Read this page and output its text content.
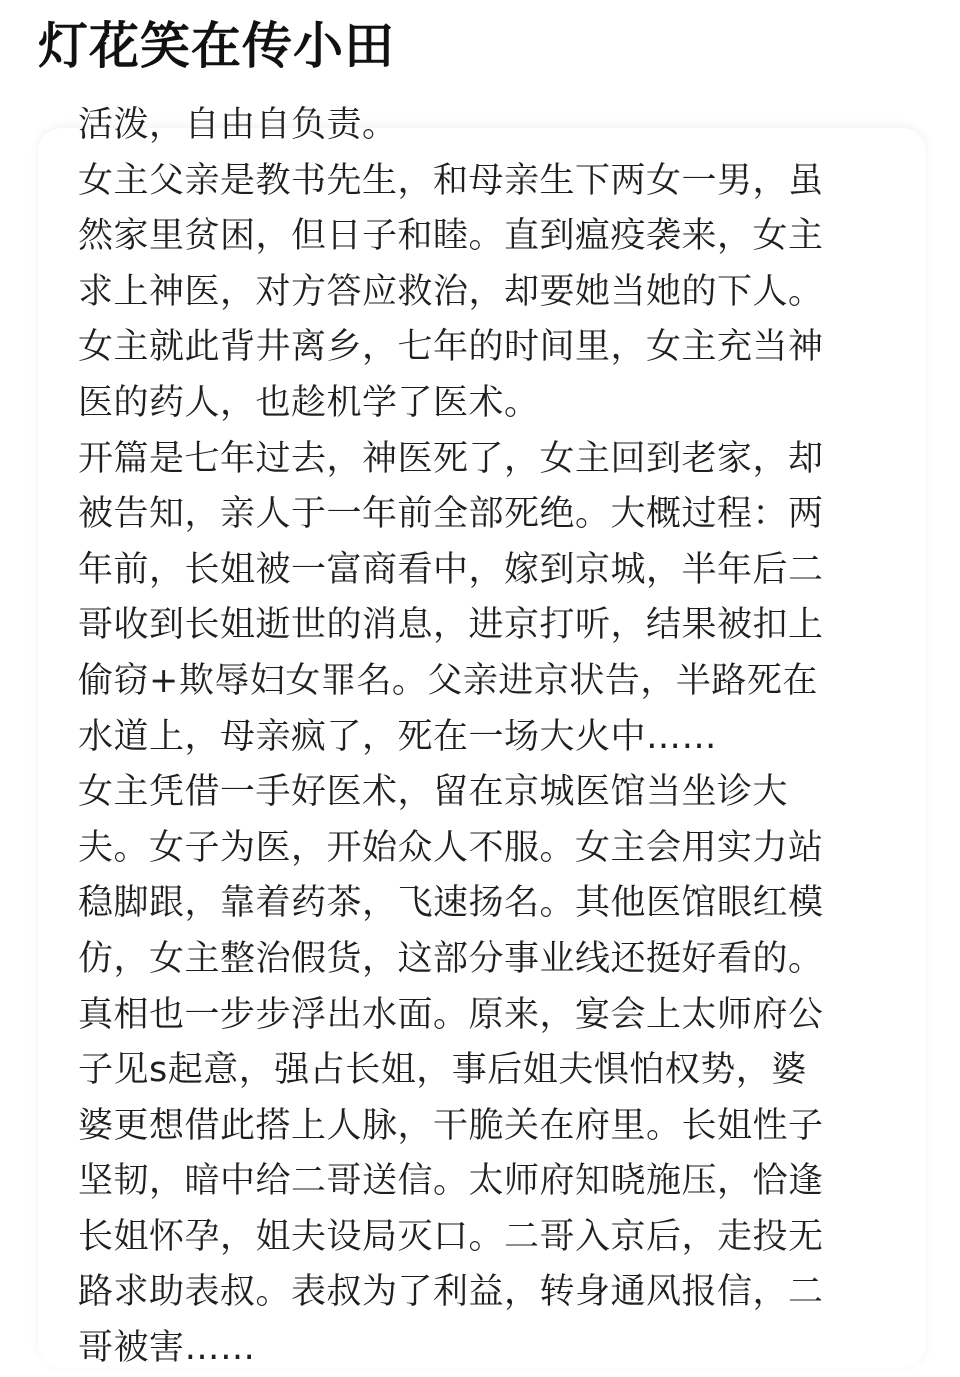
灯花笑在传小田
活泼，自由自负责。
女主父亲是教书先生，和母亲生下两女一男，虽
然家里贫困，但日子和睦。直到瘟疫袭来，女主
求上神医，对方答应救治，却要她当她的下人。
女主就此背井离乡，七年的时间里，女主充当神
医的药人，也趁机学了医术。
开篇是七年过去，神医死了，女主回到老家，却
被告知，亲人于一年前全部死绝。大概过程：两
年前，长姐被一富商看中，嫁到京城，半年后二
哥收到长姐逝世的消息，进京打听，结果被扣上
偷窃+欺辱妇女罪名。父亲进京状告，半路死在
水道上，母亲疯了，死在一场大火中……
女主凭借一手好医术，留在京城医馆当坐诊大
夫。女子为医，开始众人不服。女主会用实力站
稳脚跟，靠着药茶，飞速扬名。其他医馆眼红模
仿，女主整治假货，这部分事业线还挺好看的。
真相也一步步浮出水面。原来，宴会上太师府公
子见s起意，强占长姐，事后姐夫惧怕权势，婆
婆更想借此搭上人脉，干脆关在府里。长姐性子
坚韧，暗中给二哥送信。太师府知晓施压，恰逢
长姐怀孕，姐夫设局灭口。二哥入京后，走投无
路求助表叔。表叔为了利益，转身通风报信，二
哥被害……
